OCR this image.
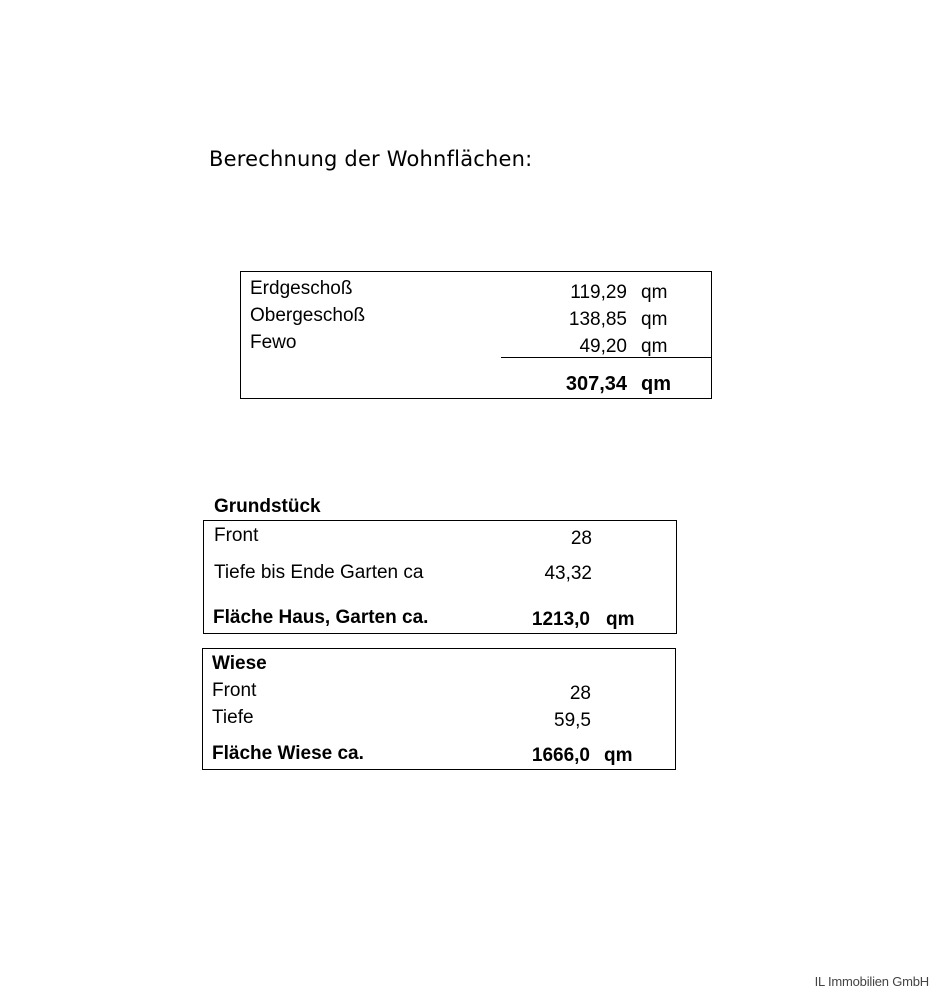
Berechnung der Wohnflächen:
Erdgeschoß	119,29 qm
Obergeschoß	138,85 qm
Fewo	49,20 qm
307,34 qm
Grundstück
Front	28
Tiefe bis Ende Garten ca	43,32
Fläche Haus, Garten ca.	1213,0 qm
Wiese
Front	28
Tiefe	59,5
Fläche Wiese ca.	1666,0 qm
IL Immobilien GmbH
